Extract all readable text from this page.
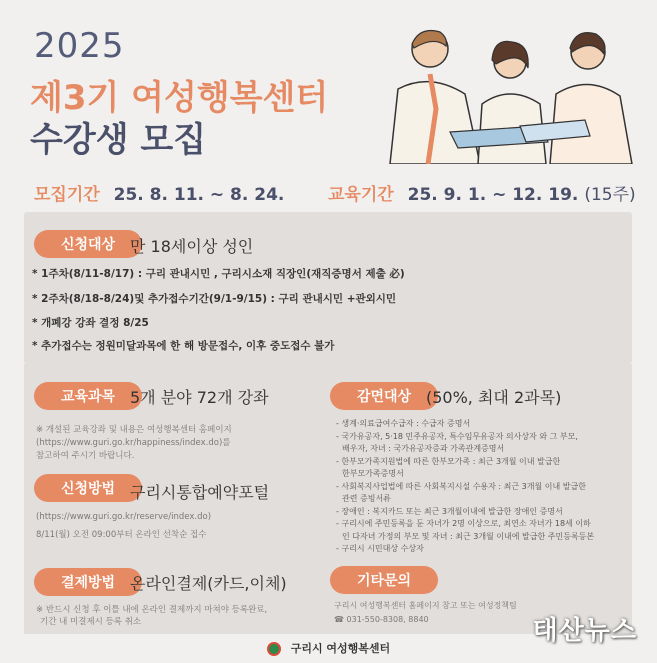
2025
제3기 여성행복센터
수강생 모집
모집기간 25. 8. 11. ~ 8. 24.	교육기간 25. 9. 1. ~ 12. 19. (15주)
신청대상 만 18세이상 성인
* 1주차(8/11-8/17) : 구리 관내시민 , 구리시소재 직장인(재직증명서 제출 必)
* 2주차(8/18-8/24)및 추가접수기간(9/1-9/15) : 구리 관내시민 +관외시민
* 개폐강 강좌 결정 8/25
* 추가접수는 정원미달과목에 한 해 방문접수, 이후 중도접수 불가
교육과목 5개 분야 72개 강좌
※ 개설된 교육강좌 및 내용은 여성행복센터 홈페이지
(https://www.guri.go.kr/happiness/index.do)를
참고하여 주시기 바랍니다.
신청방법 구리시통합예약포털
(https://www.guri.go.kr/reserve/index.do)
8/11(월) 오전 09:00부터 온라인 선착순 접수
결제방법 온라인결제(카드,이체)
※ 반드시 신청 후 이틀 내에 온라인 결제까지 마쳐야 등록완료,
기간 내 미결제시 등록 취소
감면대상 (50%, 최대 2과목)
- 생계·의료급여수급자 : 수급자 증명서
- 국가유공자, 5·18 민주유공자, 특수임무유공자 의사상자 와 그 부모,
배우자, 자녀 : 국가유공자증과 가족관계증명서
- 한부모가족지원법에 따른 한부모가족 : 최근 3개월 이내 발급한
한부모가족증명서
- 사회복지사업법에 따른 사회복지시설 수용자 : 최근 3개월 이내 발급한
관련 증빙서류
- 장애인 : 복지카드 또는 최근 3개월이내에 발급한 장애인 증명서
- 구리시에 주민등록을 둔 자녀가 2명 이상으로, 최연소 자녀가 18세 이하
인 다자녀 가정의 부모 및 자녀 : 최근 3개월 이내에 발급한 주민등록등본
- 구리시 시민대상 수상자
기타문의
구리시 여성행복센터 홈페이지 참고 또는 여성정책팀
☎ 031-550-8308, 8840	태산뉴스
구리시 여성행복센터
